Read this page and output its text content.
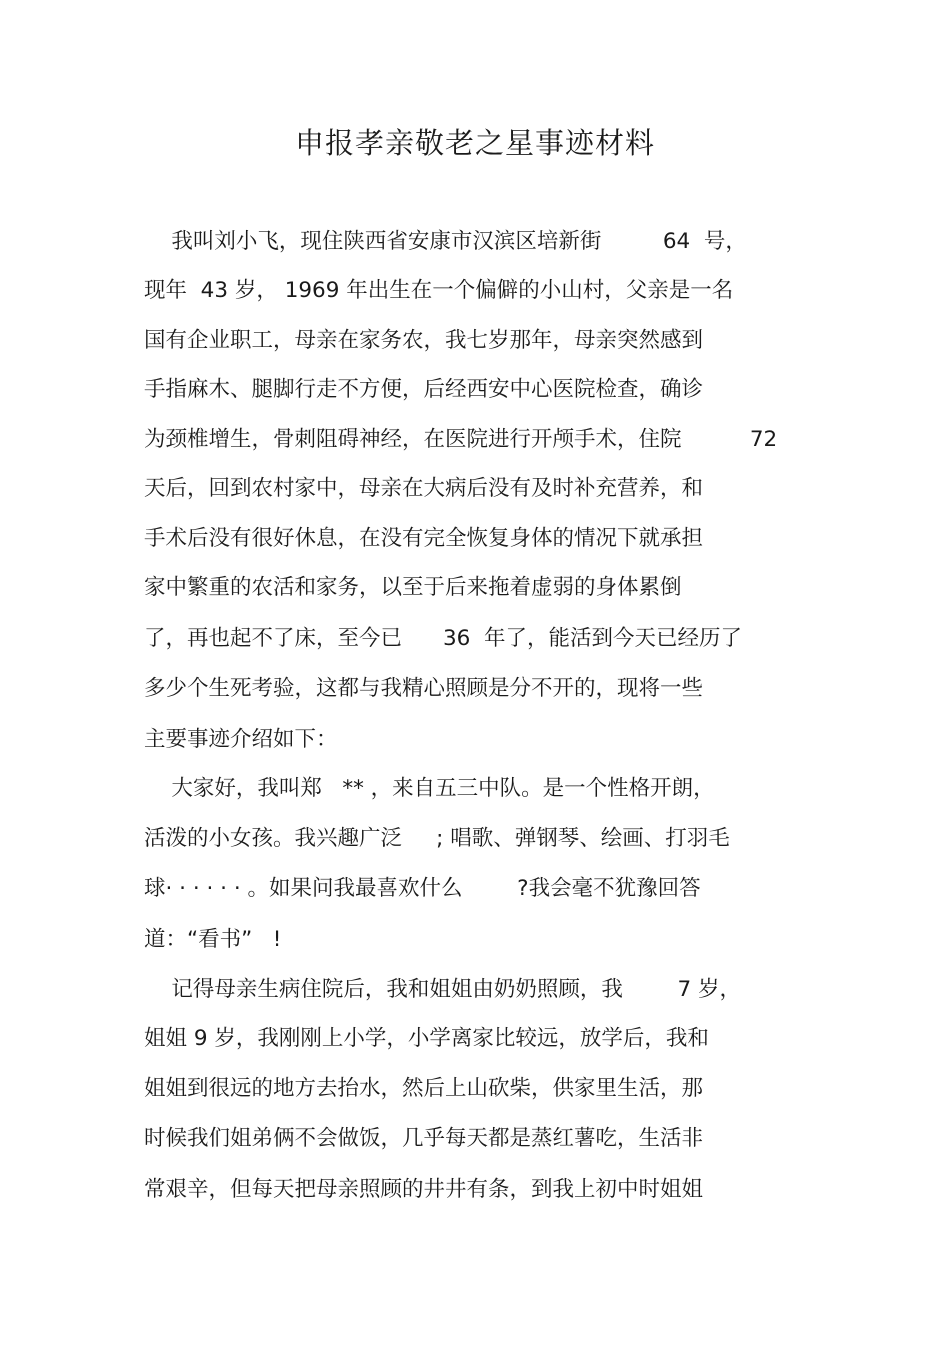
申报孝亲敬老之星事迹材料
我叫刘小飞，现住陕西省安康市汉滨区培新街         64  号，
现年  43 岁， 1969 年出生在一个偏僻的小山村，父亲是一名
国有企业职工，母亲在家务农，我七岁那年，母亲突然感到
手指麻木、腿脚行走不方便，后经西安中心医院检查，确诊
为颈椎增生，骨刺阻碍神经，在医院进行开颅手术，住院          72
天后，回到农村家中，母亲在大病后没有及时补充营养，和
手术后没有很好休息，在没有完全恢复身体的情况下就承担
家中繁重的农活和家务，以至于后来拖着虚弱的身体累倒
了，再也起不了床，至今已      36  年了，能活到今天已经历了
多少个生死考验，这都与我精心照顾是分不开的，现将一些
主要事迹介绍如下：
大家好，我叫郑   ** ，来自五三中队。是一个性格开朗，
活泼的小女孩。我兴趣广泛     ; 唱歌、弹钢琴、绘画、打羽毛
球· · · · · · 。如果问我最喜欢什么        ?我会毫不犹豫回答
道：“看书”   !
记得母亲生病住院后，我和姐姐由奶奶照顾，我        7 岁，
姐姐 9 岁，我刚刚上小学，小学离家比较远，放学后，我和
姐姐到很远的地方去抬水，然后上山砍柴，供家里生活，那
时候我们姐弟俩不会做饭，几乎每天都是蒸红薯吃，生活非
常艰辛，但每天把母亲照顾的井井有条，到我上初中时姐姐
